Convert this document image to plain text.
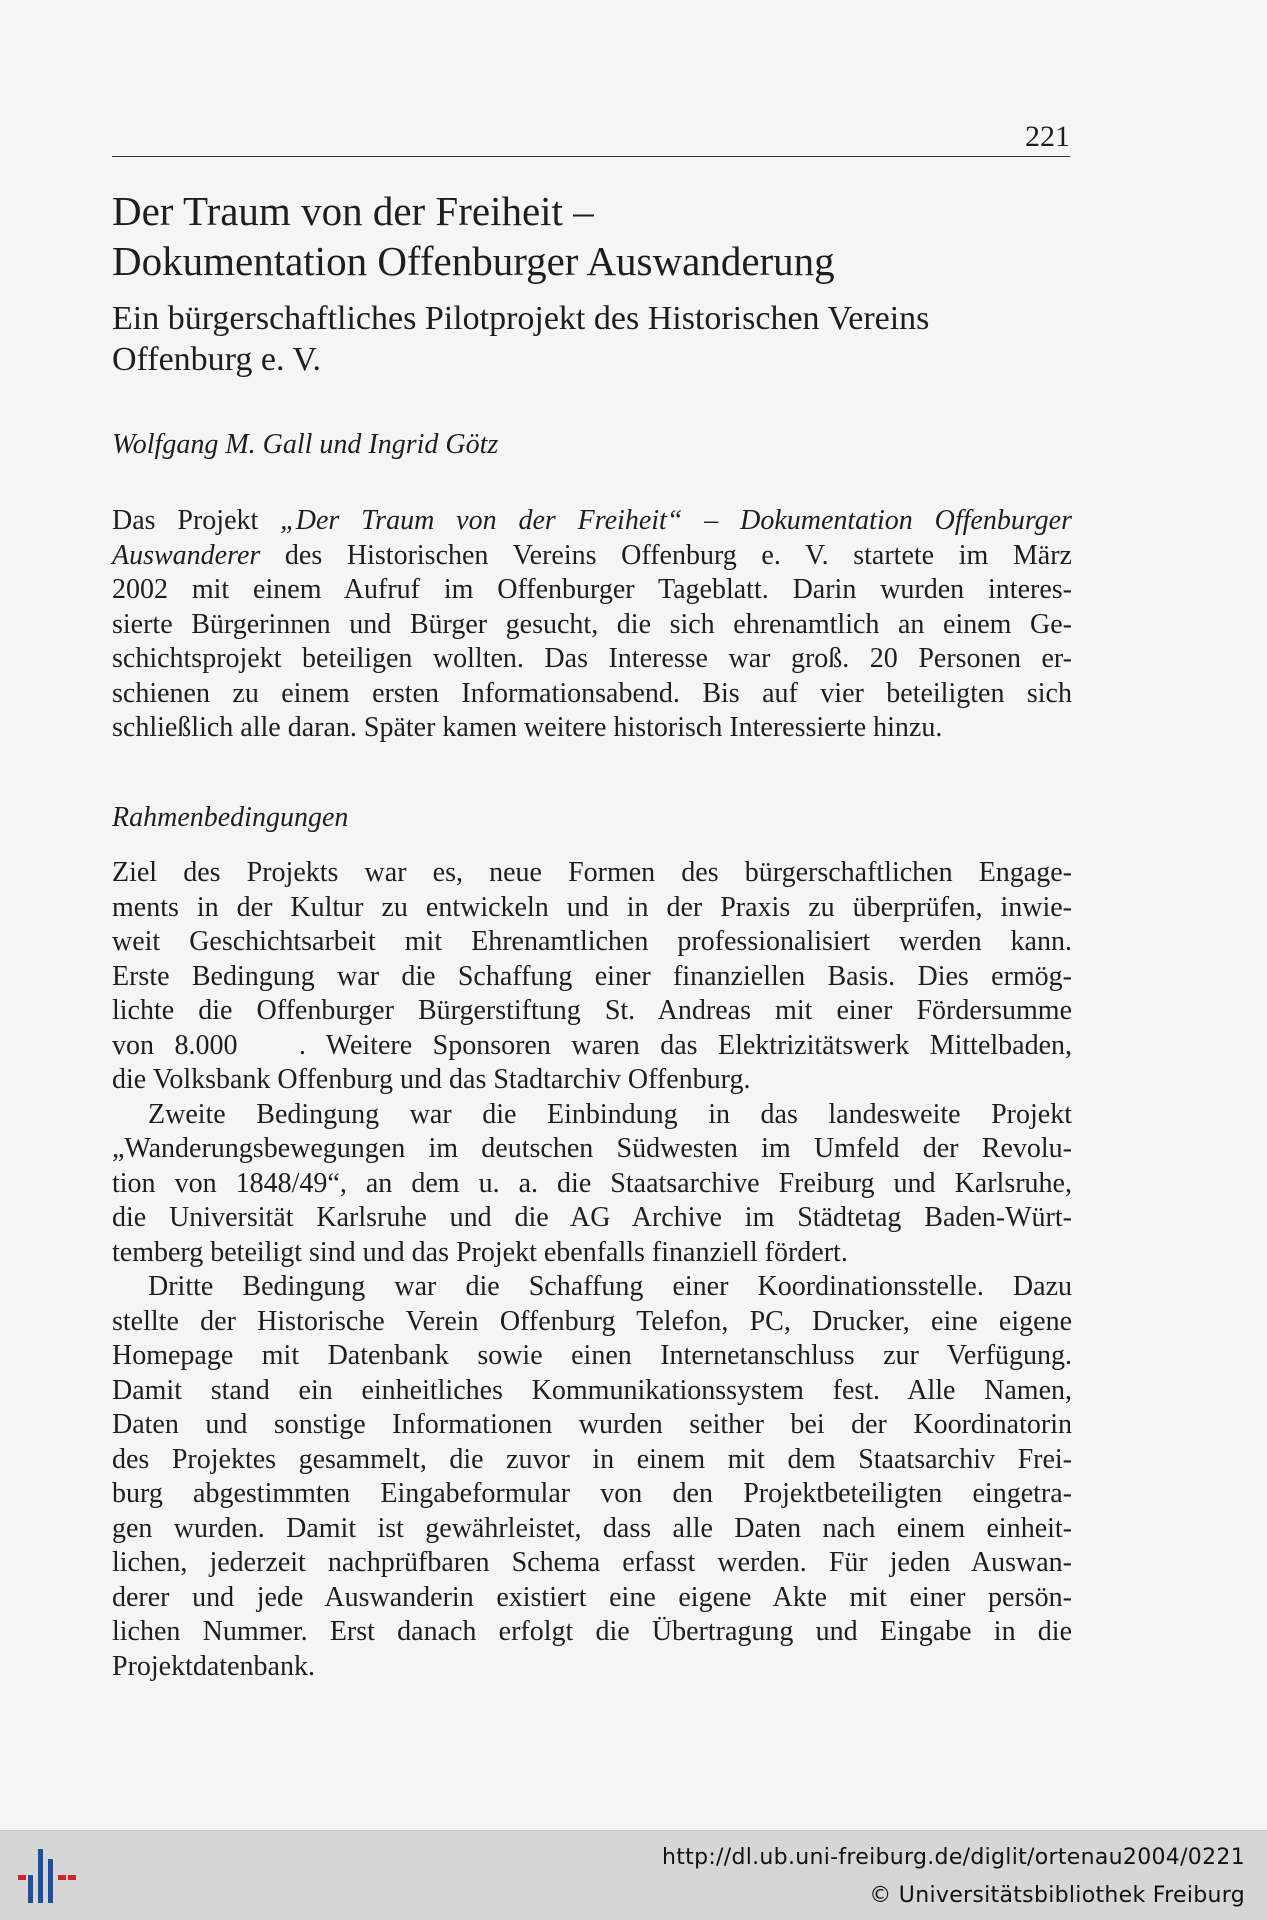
221
Der Traum von der Freiheit –
Dokumentation Offenburger Auswanderung
Ein bürgerschaftliches Pilotprojekt des Historischen Vereins
Offenburg e. V.
Wolfgang M. Gall und Ingrid Götz
Das Projekt „Der Traum von der Freiheit“ – Dokumentation Offenburger
Auswanderer des Historischen Vereins Offenburg e. V. startete im März
2002 mit einem Aufruf im Offenburger Tageblatt. Darin wurden interes-
sierte Bürgerinnen und Bürger gesucht, die sich ehrenamtlich an einem Ge-
schichtsprojekt beteiligen wollten. Das Interesse war groß. 20 Personen er-
schienen zu einem ersten Informationsabend. Bis auf vier beteiligten sich
schließlich alle daran. Später kamen weitere historisch Interessierte hinzu.
Rahmenbedingungen
Ziel des Projekts war es, neue Formen des bürgerschaftlichen Engage-
ments in der Kultur zu entwickeln und in der Praxis zu überprüfen, inwie-
weit Geschichtsarbeit mit Ehrenamtlichen professionalisiert werden kann.
Erste Bedingung war die Schaffung einer finanziellen Basis. Dies ermög-
lichte die Offenburger Bürgerstiftung St. Andreas mit einer Fördersumme
von 8.000   . Weitere Sponsoren waren das Elektrizitätswerk Mittelbaden,
die Volksbank Offenburg und das Stadtarchiv Offenburg.
Zweite Bedingung war die Einbindung in das landesweite Projekt
„Wanderungsbewegungen im deutschen Südwesten im Umfeld der Revolu-
tion von 1848/49“, an dem u. a. die Staatsarchive Freiburg und Karlsruhe,
die Universität Karlsruhe und die AG Archive im Städtetag Baden-Würt-
temberg beteiligt sind und das Projekt ebenfalls finanziell fördert.
Dritte Bedingung war die Schaffung einer Koordinationsstelle. Dazu
stellte der Historische Verein Offenburg Telefon, PC, Drucker, eine eigene
Homepage mit Datenbank sowie einen Internetanschluss zur Verfügung.
Damit stand ein einheitliches Kommunikationssystem fest. Alle Namen,
Daten und sonstige Informationen wurden seither bei der Koordinatorin
des Projektes gesammelt, die zuvor in einem mit dem Staatsarchiv Frei-
burg abgestimmten Eingabeformular von den Projektbeteiligten eingetra-
gen wurden. Damit ist gewährleistet, dass alle Daten nach einem einheit-
lichen, jederzeit nachprüfbaren Schema erfasst werden. Für jeden Auswan-
derer und jede Auswanderin existiert eine eigene Akte mit einer persön-
lichen Nummer. Erst danach erfolgt die Übertragung und Eingabe in die
Projektdatenbank.
http://dl.ub.uni-freiburg.de/diglit/ortenau2004/0221
© Universitätsbibliothek Freiburg
